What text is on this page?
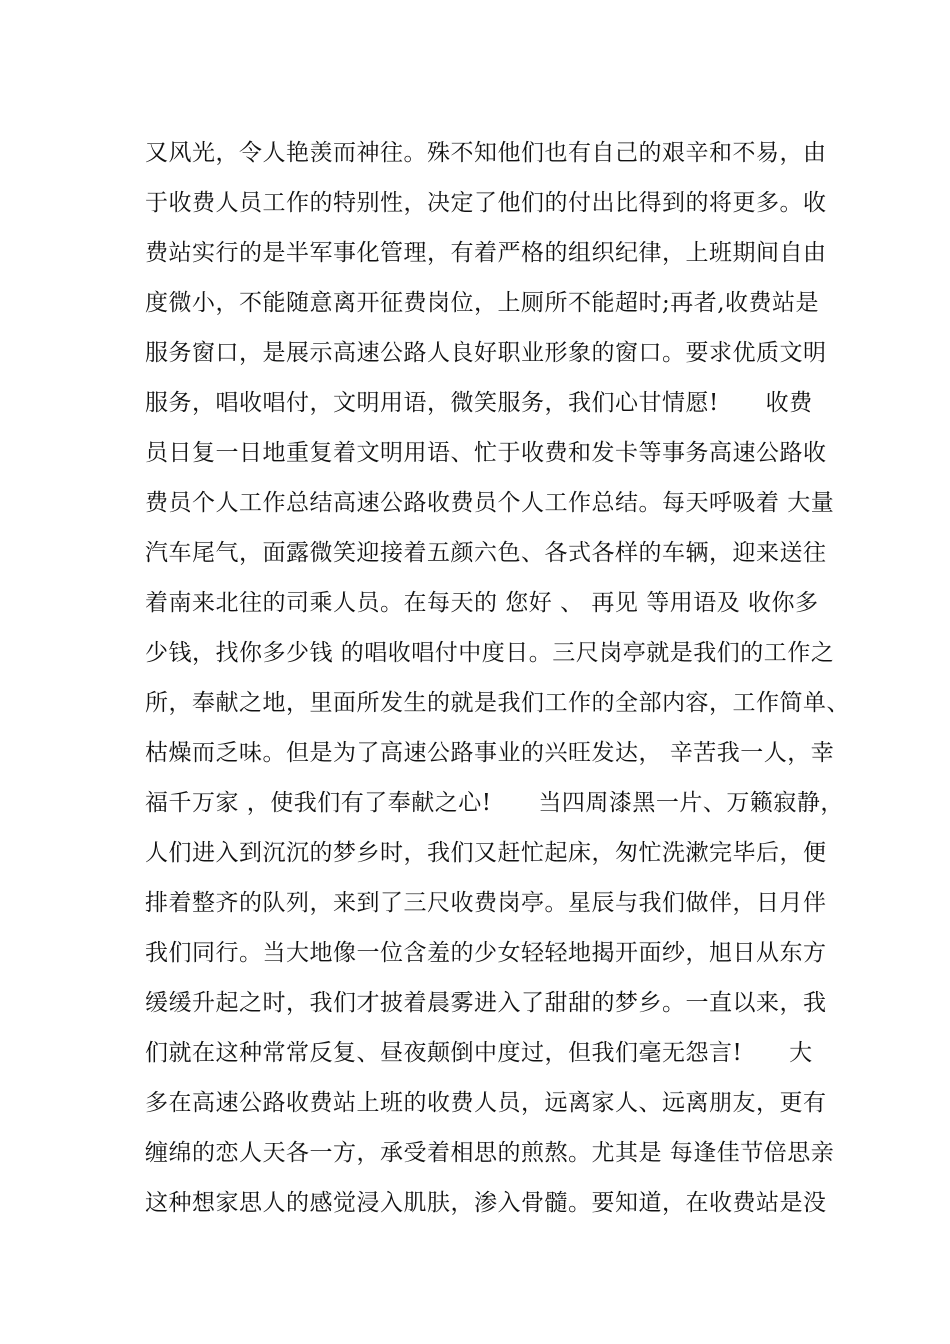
又风光，令人艳羡而神往。殊不知他们也有自己的艰辛和不易，由
于收费人员工作的特别性，决定了他们的付出比得到的将更多。收
费站实行的是半军事化管理，有着严格的组织纪律，上班期间自由
度微小，不能随意离开征费岗位，上厕所不能超时;再者,收费站是
服务窗口，是展示高速公路人良好职业形象的窗口。要求优质文明
服务，唱收唱付，文明用语，微笑服务，我们心甘情愿!      收费
员日复一日地重复着文明用语、忙于收费和发卡等事务高速公路收
费员个人工作总结高速公路收费员个人工作总结。每天呼吸着 大量
汽车尾气，面露微笑迎接着五颜六色、各式各样的车辆，迎来送往
着南来北往的司乘人员。在每天的 您好 、 再见 等用语及 收你多
少钱，找你多少钱 的唱收唱付中度日。三尺岗亭就是我们的工作之
所，奉献之地，里面所发生的就是我们工作的全部内容，工作简单、
枯燥而乏味。但是为了高速公路事业的兴旺发达， 辛苦我一人，幸
福千万家 ，使我们有了奉献之心!      当四周漆黑一片、万籁寂静，
人们进入到沉沉的梦乡时，我们又赶忙起床，匆忙洗漱完毕后，便
排着整齐的队列，来到了三尺收费岗亭。星辰与我们做伴，日月伴
我们同行。当大地像一位含羞的少女轻轻地揭开面纱，旭日从东方
缓缓升起之时，我们才披着晨雾进入了甜甜的梦乡。一直以来，我
们就在这种常常反复、昼夜颠倒中度过，但我们毫无怨言!      大
多在高速公路收费站上班的收费人员，远离家人、远离朋友，更有
缠绵的恋人天各一方，承受着相思的煎熬。尤其是 每逢佳节倍思亲
这种想家思人的感觉浸入肌肤，渗入骨髓。要知道，在收费站是没
